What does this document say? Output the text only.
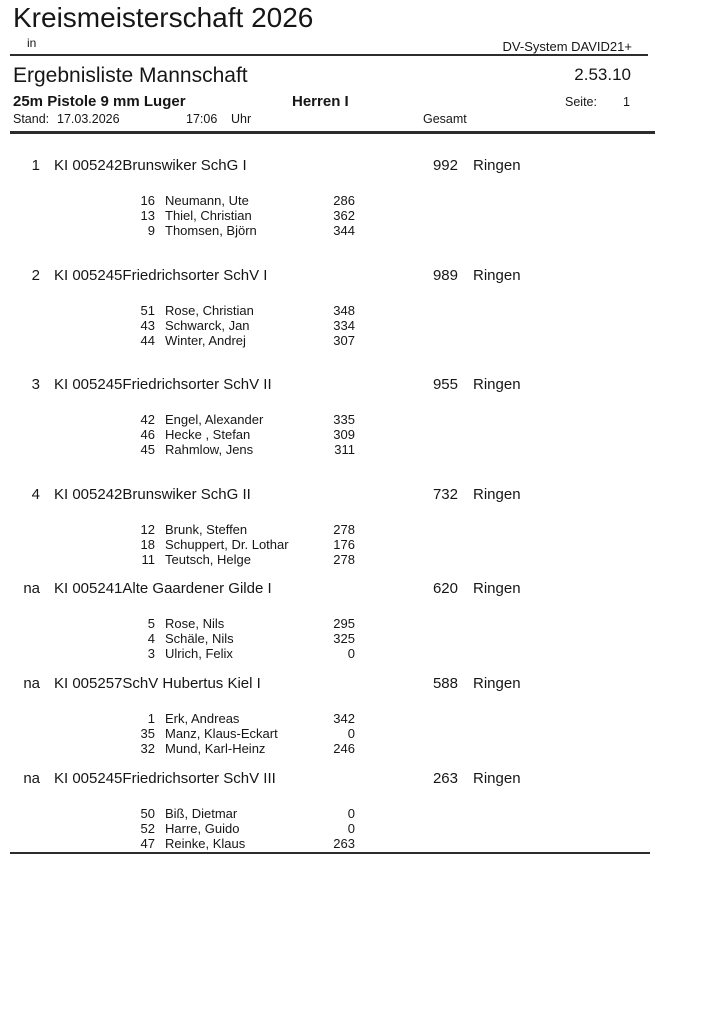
Kreismeisterschaft 2026
in	DV-System DAVID21+
Ergebnisliste Mannschaft	2.53.10
25m Pistole 9 mm Luger	Herren I	Seite:	1
Stand: 17.03.2026	17:06 Uhr	Gesamt
1 KI 005242Brunswiker SchG I	992 Ringen
16 Neumann, Ute	286
13 Thiel, Christian	362
9 Thomsen, Björn	344
2 KI 005245Friedrichsorter SchV I	989 Ringen
51 Rose, Christian	348
43 Schwarck, Jan	334
44 Winter, Andrej	307
3 KI 005245Friedrichsorter SchV II	955 Ringen
42 Engel, Alexander	335
46 Hecke , Stefan	309
45 Rahmlow, Jens	311
4 KI 005242Brunswiker SchG II	732 Ringen
12 Brunk, Steffen	278
18 Schuppert, Dr. Lothar	176
11 Teutsch, Helge	278
na KI 005241Alte Gaardener Gilde I	620 Ringen
5 Rose, Nils	295
4 Schäle, Nils	325
3 Ulrich, Felix	0
na KI 005257SchV Hubertus Kiel I	588 Ringen
1 Erk, Andreas	342
35 Manz, Klaus-Eckart	0
32 Mund, Karl-Heinz	246
na KI 005245Friedrichsorter SchV III	263 Ringen
50 Biß, Dietmar	0
52 Harre, Guido	0
47 Reinke, Klaus	263
